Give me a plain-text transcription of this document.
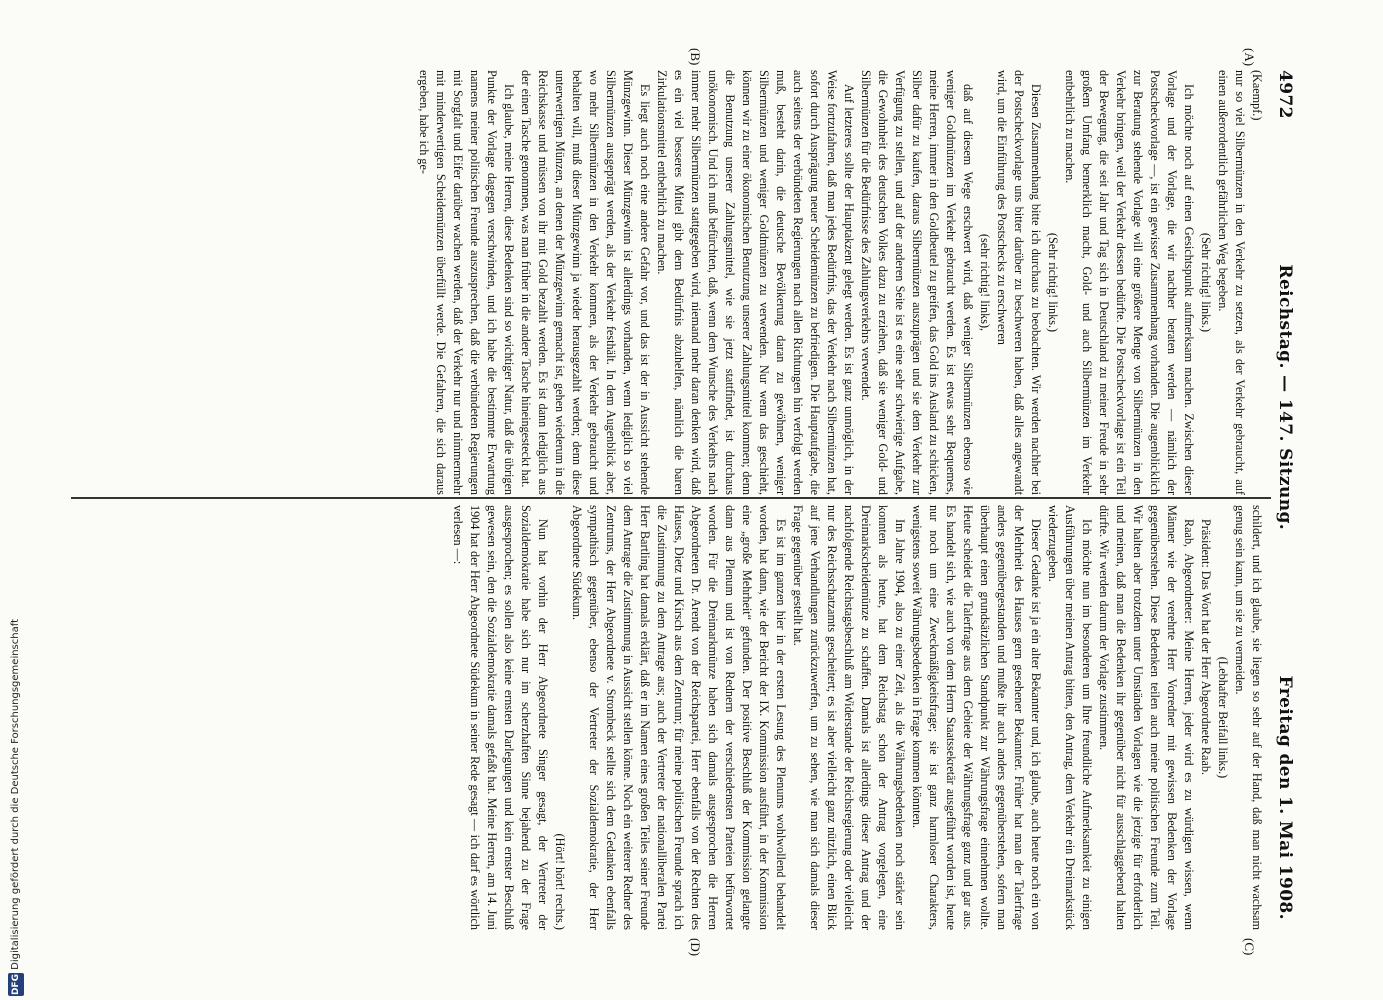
4972
Reichstag. — 147. Sitzung.
Freitag den 1. Mai 1908.
(A)
(B)
(C)
(D)

(Kaempf.)

nur so viel Silbermünzen in den Verkehr zu setzen, als der Verkehr gebraucht, auf einen außerordentlich gefährlichen Weg begeben.

(Sehr richtig! links.)

Ich möchte noch auf einen Gesichtspunkt aufmerksam machen. Zwischen dieser Vorlage und der Vorlage, die wir nachher beraten werden — nämlich der Postscheckvorlage —, ist ein gewisser Zusammenhang vorhanden. Die augenblicklich zur Beratung stehende Vorlage will eine größere Menge von Silbermünzen in den Verkehr bringen, weil der Verkehr dessen bedürfte. Die Postscheckvorlage ist ein Teil der Bewegung, die seit Jahr und Tag sich in Deutschland zu meiner Freude in sehr großem Umfang bemerklich macht, Gold- und auch Silbermünzen im Verkehr entbehrlich zu machen.

(Sehr richtig! links.)

Diesen Zusammenhang bitte ich durchaus zu beobachten. Wir werden nachher bei der Postscheckvorlage uns bitter darüber zu beschweren haben, daß alles angewandt wird, um die Einführung des Postschecks zu erschweren

(sehr richtig! links),

daß auf diesem Wege erschwert wird, daß weniger Silbermünzen ebenso wie weniger Goldmünzen im Verkehr gebraucht werden. Es ist etwas sehr Bequemes, meine Herren, immer in den Goldbeutel zu greifen, das Gold ins Ausland zu schicken, Silber dafür zu kaufen, daraus Silbermünzen auszuprägen und sie dem Verkehr zur Verfügung zu stellen, und auf der anderen Seite ist es eine sehr schwierige Aufgabe, die Gewohnheit des deutschen Volkes dazu zu erziehen, daß sie weniger Gold- und Silbermünzen für die Bedürfnisse des Zahlungsverkehrs verwendet.

Auf letzteres sollte der Hauptakzent gelegt werden. Es ist ganz unmöglich, in der Weise fortzufahren, daß man jedes Bedürfnis, das der Verkehr nach Silbermünzen hat, sofort durch Ausprägung neuer Scheidemünzen zu befriedigen. Die Hauptaufgabe, die auch seitens der verbündeten Regierungen nach allen Richtungen hin verfolgt werden muß, besteht darin, die deutsche Bevölkerung daran zu gewöhnen, weniger Silbermünzen und weniger Goldmünzen zu verwenden. Nur wenn das geschieht, können wir zu einer ökonomischen Benutzung unserer Zahlungsmittel kommen; denn die Benutzung unserer Zahlungsmittel, wie sie jetzt stattfindet, ist durchaus unökonomisch. Und ich muß befürchten, daß, wenn dem Wunsche des Verkehrs nach immer mehr Silbermünzen stattgegeben wird, niemand mehr daran denken wird, daß es ein viel besseres Mittel gibt dem Bedürfnis abzuhelfen, nämlich die baren Zirkulationsmittel entbehrlich zu machen.

Es liegt auch noch eine andere Gefahr vor, und das ist der in Aussicht stehende Münzgewinn. Dieser Münzgewinn ist allerdings vorhanden, wenn lediglich so viel Silbermünzen ausgeprägt werden, als der Verkehr festhält. In dem Augenblick aber, wo mehr Silbermünzen in den Verkehr kommen, als der Verkehr gebraucht und behalten will, muß dieser Münzgewinn ja wieder herausgezahlt werden; denn diese unterwertigen Münzen, an denen der Münzgewinn gemacht ist, gehen wiederum in die Reichskasse und müssen von ihr mit Gold bezahlt werden. Es ist dann lediglich aus der einen Tasche genommen, was man früher in die andere Tasche hineingesteckt hat.

Ich glaube, meine Herren, diese Bedenken sind so wichtiger Natur, daß die übrigen Punkte der Vorlage dagegen verschwinden, und ich habe die bestimmte Erwartung namens meiner politischen Freunde auszusprechen, daß die verbündeten Regierungen mit Sorgfalt und Eifer darüber wachen werden, daß der Verkehr nur und nimmermehr mit minderwertigen Scheidemünzen überfüllt werde. Die Gefahren, die sich daraus ergeben, habe ich ge-

schildert, und ich glaube, sie liegen so sehr auf der Hand, daß man nicht wachsam genug sein kann, um sie zu vermeiden.

(Lebhafter Beifall links.)

Präsident: Das Wort hat der Herr Abgeordnete Raab.

Raab, Abgeordneter: Meine Herren, jeder wird es zu würdigen wissen, wenn Männer wie der verehrte Herr Vorredner mit gewissen Bedenken der Vorlage gegenüberstehen. Diese Bedenken teilen auch meine politischen Freunde zum Teil. Wir halten aber trotzdem unter Umständen Vorlagen wie die jetzige für erforderlich und meinen, daß man die Bedenken ihr gegenüber nicht für ausschlaggebend halten dürfte. Wir werden darum der Vorlage zustimmen.

Ich möchte nun im besonderen um Ihre freundliche Aufmerksamkeit zu einigen Ausführungen über meinen Antrag bitten, den Antrag, dem Verkehr ein Dreimarkstück wiederzugeben.

Dieser Gedanke ist ja ein alter Bekannter und, ich glaube, auch heute noch ein von der Mehrheit des Hauses gern gesehener Bekannter. Früher hat man der Talerfrage anders gegenübergestanden und mußte ihr auch anders gegenüberstehen, sofern man überhaupt einen grundsätzlichen Standpunkt zur Währungsfrage einnehmen wollte. Heute scheidet die Talerfrage aus dem Gebiete der Währungsfrage ganz und gar aus. Es handelt sich, wie auch von dem Herrn Staatssekretär ausgeführt worden ist, heute nur noch um eine Zweckmäßigkeitsfrage; sie ist ganz harmloser Charakters, wenigstens soweit Währungsbedenken in Frage kommen könnten.

Im Jahre 1904, also zu einer Zeit, als die Währungsbedenken noch stärker sein konnten als heute, hat dem Reichstag schon der Antrag vorgelegen, eine Dreimarkscheidemünze zu schaffen. Damals ist allerdings dieser Antrag und der nachfolgende Reichstagsbeschluß am Widerstande der Reichsregierung oder vielleicht nur des Reichsschatzamts gescheitert; es ist aber vielleicht ganz nützlich, einen Blick auf jene Verhandlungen zurückzuwerfen, um zu sehen, wie man sich damals dieser Frage gegenüber gestellt hat.

Es ist im ganzen hier in der ersten Lesung des Plenums wohlwollend behandelt worden, hat dann, wie der Bericht der IX. Kommission ausführt, in der Kommission eine „große Mehrheit“ gefunden. Der positive Beschluß der Kommission gelangte dann aus Plenum und ist von Rednern der verschiedensten Parteien befürwortet worden. Für die Dreimarkmünze haben sich damals ausgesprochen die Herren Abgeordneten Dr. Arendt von der Reichspartei, Herr ebenfalls von der Rechten des Hauses, Dietz und Kirsch aus dem Zentrum; für meine politischen Freunde sprach ich die Zustimmung zu dem Antrage aus; auch der Vertreter der nationalliberalen Partei Herr Bartling hat damals erklärt, daß er im Namen eines großen Teiles seiner Freunde dem Antrage die Zustimmung in Aussicht stellen könne. Noch ein weiterer Redner des Zentrums, der Herr Abgeordnete v. Strombeck stellte sich dem Gedanken ebenfalls sympathisch gegenüber, ebenso der Vertreter der Sozialdemokratie, der Herr Abgeordnete Südekum.

(Hört! hört! rechts.)

Nun hat vorhin der Herr Abgeordnete Singer gesagt, der Vertreter der Sozialdemokratie habe sich nur im scherzhaften Sinne bejahend zu der Frage ausgesprochen; es sollen also keine ernsten Darlegungen und kein ernster Beschluß gewesen sein, den die Sozialdemokratie damals gefaßt hat. Meine Herren, am 14. Juni 1904 hat der Herr Abgeordnete Südekum in seiner Rede gesagt — ich darf es wörtlich verlesen —:

DFG Digitalisierung gefördert durch die Deutsche Forschungsgemeinschaft
